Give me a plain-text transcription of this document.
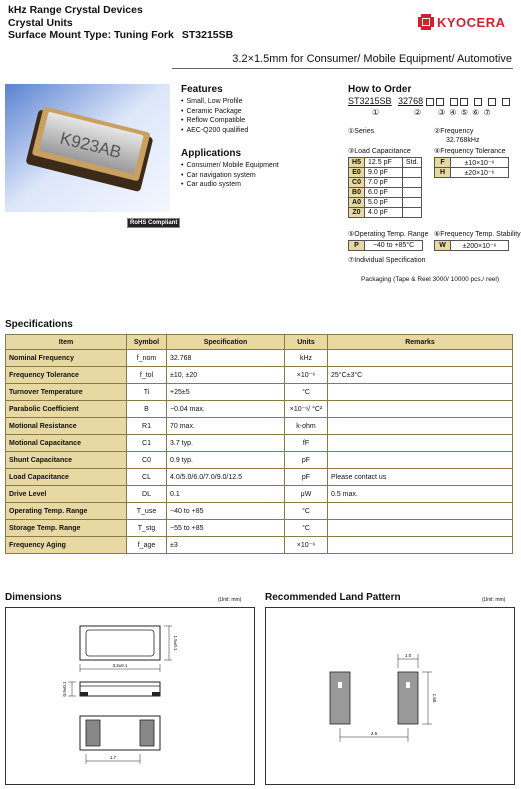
kHz Range Crystal Devices
Crystal Units
Surface Mount Type: Tuning Fork ST3215SB
KYOCERA
3.2×1.5mm for Consumer/ Mobile Equipment/ Automotive
K923AB
RoHS Compliant
Features
• Small, Low Profile
• Ceramic Package
• Reflow Compatible
• AEC-Q200 qualified
Applications
• Consumer/ Mobile Equipment
• Car navigation system
• Car audio system
How to Order
ST3215SB 32768
①	② ③ ④ ⑤ ⑥ ⑦
①Series	②Frequency
32.768kHz
③Load Capacitance	④Frequency Tolerance
H5	12.5 pF	Std.
E0	9.0 pF	
C0	7.0 pF	
B0	6.0 pF	
A0	5.0 pF	
Z0	4.0 pF	
F	±10×10⁻⁶
H	±20×10⁻⁶
⑤Operating Temp. Range ⑥Frequency Temp. Stability
P	−40 to +85°C	W	±200×10⁻⁶
⑦Individual Specification
Packaging (Tape & Reel 3000/ 10000 pcs./ reel)
Specifications
Item	Symbol	Specification	Units	Remarks
Nominal Frequency	f_nom	32.768	kHz	
Frequency Tolerance	f_tol	±10, ±20	×10⁻⁶	25°C±3°C
Turnover Temperature	Ti	+25±5	°C	
Parabolic Coefficient	B	−0.04 max.	×10⁻⁶/ °C²	
Motional Resistance	R1	70 max.	k-ohm	
Motional Capacitance	C1	3.7 typ.	fF	
Shunt Capacitance	C0	0.9 typ.	pF	
Load Capacitance	CL	4.0/5.0/6.0/7.0/9.0/12.5	pF	Please contact us
Drive Level	DL	0.1	μW	0.5 max.
Operating Temp. Range	T_use	−40 to +85	°C	
Storage Temp. Range	T_stg	−55 to +85	°C	
Frequency Aging	f_age	±3	×10⁻⁶	
Dimensions	(Unit: mm)
3.2±0.1
1.5±0.1
0.9±0.1
1.7
Recommended Land Pattern	(Unit: mm)
1.0
1.55
2.6
